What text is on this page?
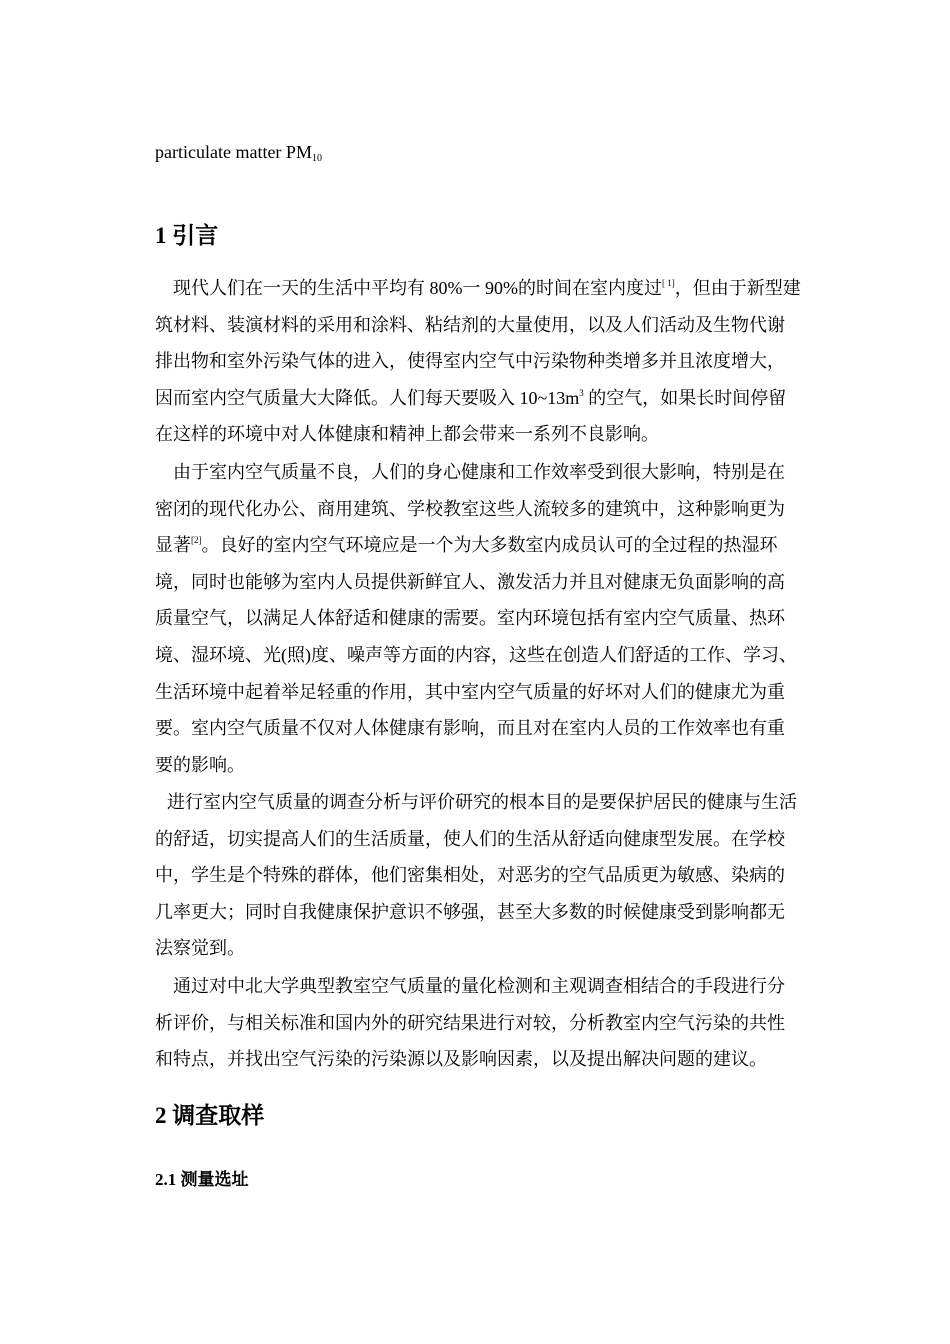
particulate matter $PM_{10}$
1 引言
现代人们在一天的生活中平均有 80%一 90%的时间在室内度过[ 1]，但由于新型建
筑材料、装演材料的采用和涂料、粘结剂的大量使用，以及人们活动及生物代谢
排出物和室外污染气体的进入，使得室内空气中污染物种类增多并且浓度增大，
因而室内空气质量大大降低。人们每天要吸入 $10\sim 13m^3$ 的空气，如果长时间停留
在这样的环境中对人体健康和精神上都会带来一系列不良影响。
由于室内空气质量不良，人们的身心健康和工作效率受到很大影响，特别是在
密闭的现代化办公、商用建筑、学校教室这些人流较多的建筑中，这种影响更为
显著[2]。良好的室内空气环境应是一个为大多数室内成员认可的全过程的热湿环
境，同时也能够为室内人员提供新鲜宜人、激发活力并且对健康无负面影响的高
质量空气，以满足人体舒适和健康的需要。室内环境包括有室内空气质量、热环
境、湿环境、光(照)度、噪声等方面的内容，这些在创造人们舒适的工作、学习、
生活环境中起着举足轻重的作用，其中室内空气质量的好坏对人们的健康尤为重
要。室内空气质量不仅对人体健康有影响，而且对在室内人员的工作效率也有重
要的影响。
进行室内空气质量的调查分析与评价研究的根本目的是要保护居民的健康与生活
的舒适，切实提高人们的生活质量，使人们的生活从舒适向健康型发展。在学校
中，学生是个特殊的群体，他们密集相处，对恶劣的空气品质更为敏感、染病的
几率更大；同时自我健康保护意识不够强，甚至大多数的时候健康受到影响都无
法察觉到。
通过对中北大学典型教室空气质量的量化检测和主观调查相结合的手段进行分
析评价，与相关标准和国内外的研究结果进行对较，分析教室内空气污染的共性
和特点，并找出空气污染的污染源以及影响因素，以及提出解决问题的建议。
2 调查取样
2.1 测量选址
